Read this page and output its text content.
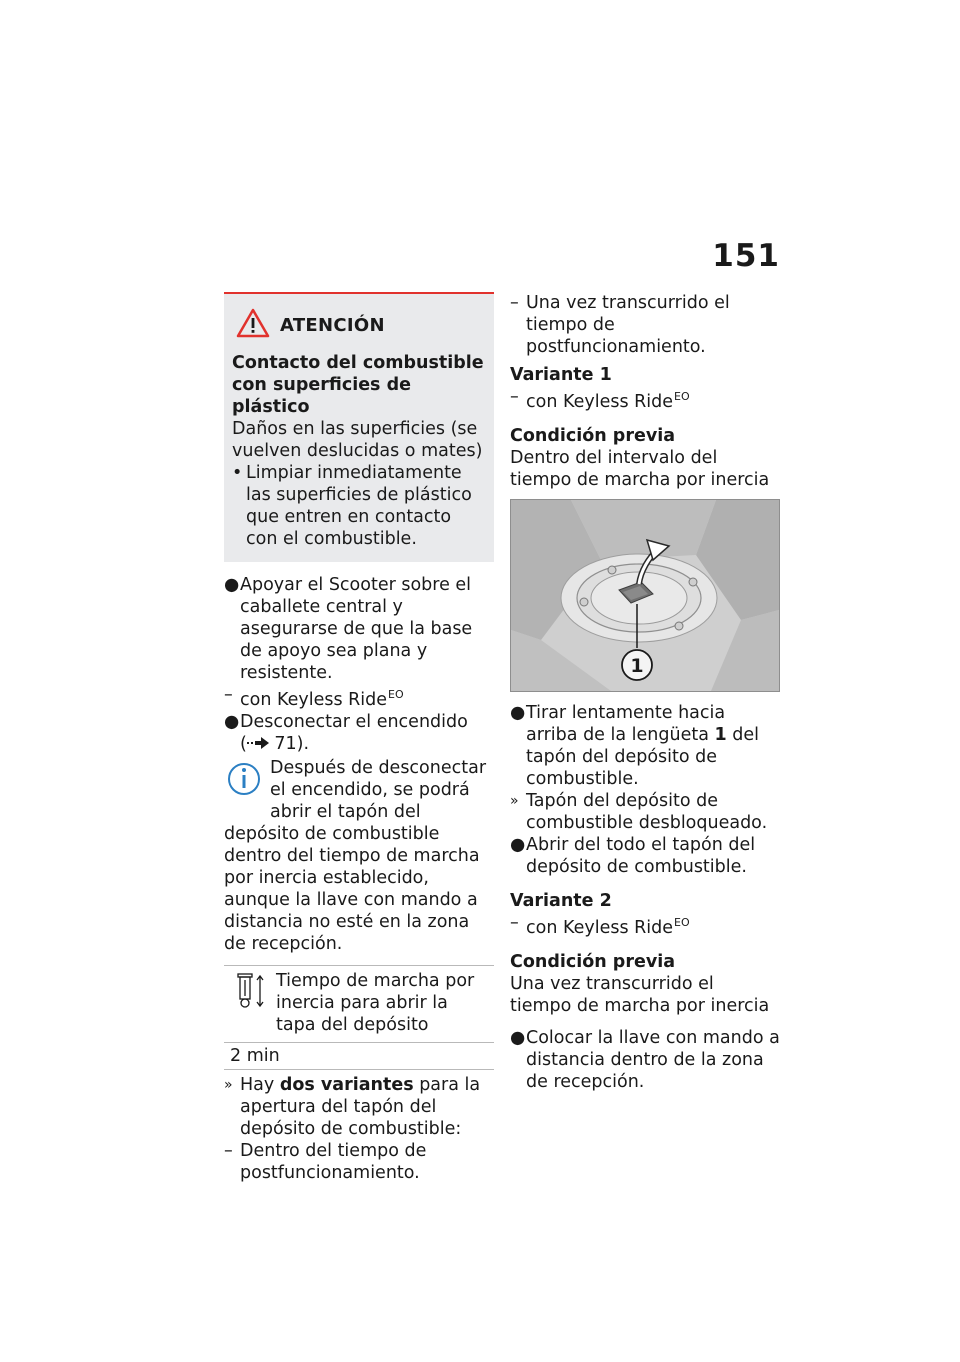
151
ATENCIÓN

Contacto del combustible

con superficies de plástico

Daños en las superficies (se vuelven deslucidas o mates)

• Limpiar inmediatamente las superficies de plástico que entren en contacto con el combustible.
● Apoyar el Scooter sobre el caballete central y asegurarse de que la base de apoyo sea plana y resistente.
– con Keyless Ride$^{EO}$
● Desconectar el encendido
( 71).
Después de desconectar el encendido, se podrá abrir el tapón del depósito de combustible dentro del tiempo de marcha por inercia establecido, aunque la llave con mando a distancia no esté en la zona de recepción.
Tiempo de marcha por inercia para abrir la tapa del depósito
2 min
» Hay dos variantes para la apertura del tapón del depósito de combustible:
– Dentro del tiempo de postfuncionamiento.
– Una vez transcurrido el tiempo de postfuncionamiento.
Variante 1
– con Keyless Ride$^{EO}$
Condición previa

Dentro del intervalo del tiempo de marcha por inercia

1
● Tirar lentamente hacia arriba de la lengüeta 1 del tapón del depósito de combustible.
» Tapón del depósito de combustible desbloqueado.
● Abrir del todo el tapón del depósito de combustible.
Variante 2
– con Keyless Ride$^{EO}$
Condición previa

Una vez transcurrido el tiempo de marcha por inercia

● Colocar la llave con mando a distancia dentro de la zona de recepción.
